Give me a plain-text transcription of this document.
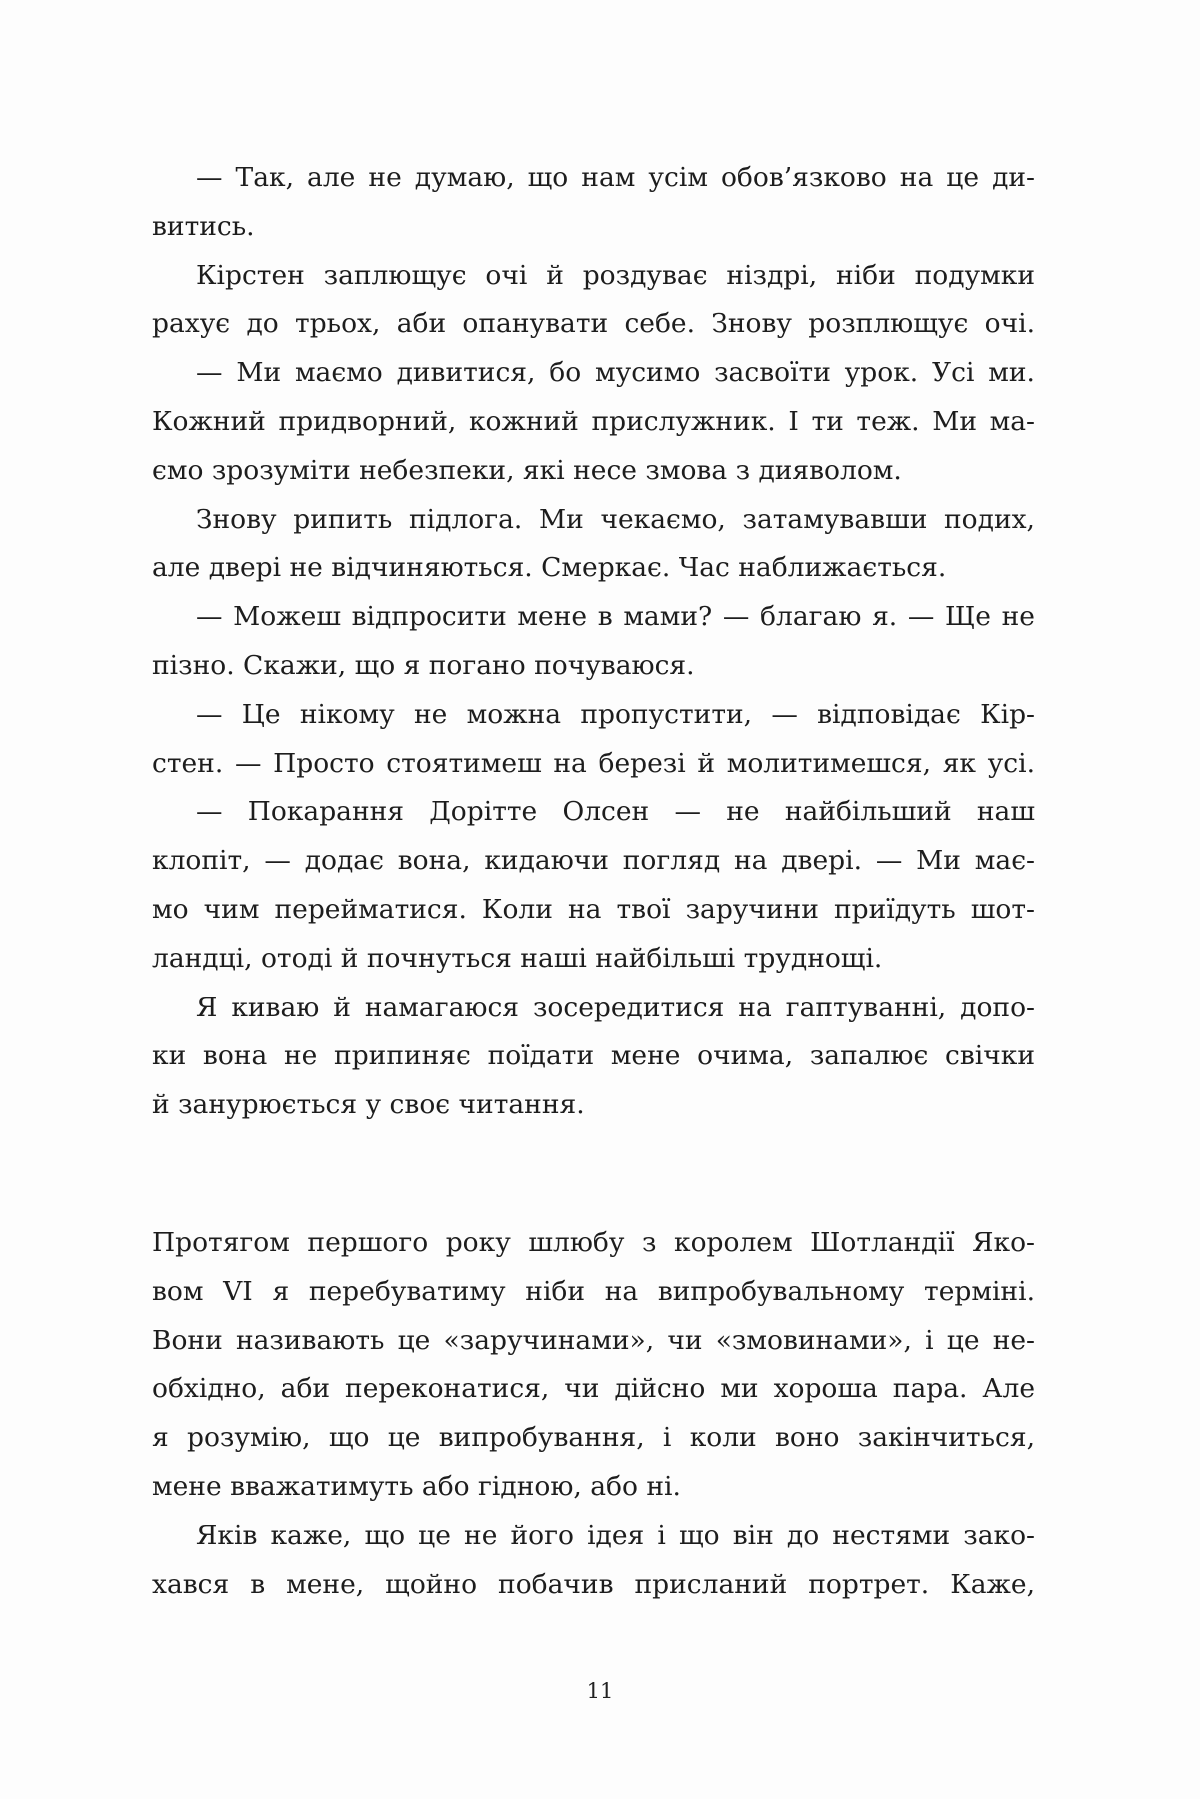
— Так, але не думаю, що нам усім обов’язково на це ди-
витись.
Кірстен заплющує очі й роздуває ніздрі, ніби подумки
рахує до трьох, аби опанувати себе. Знову розплющує очі.
— Ми маємо дивитися, бо мусимо засвоїти урок. Усі ми.
Кожний придворний, кожний прислужник. І ти теж. Ми ма-
ємо зрозуміти небезпеки, які несе змова з дияволом.
Знову рипить підлога. Ми чекаємо, затамувавши подих,
але двері не відчиняються. Смеркає. Час наближається.
— Можеш відпросити мене в мами? — благаю я. — Ще не
пізно. Скажи, що я погано почуваюся.
— Це нікому не можна пропустити, — відповідає Кір-
стен. — Просто стоятимеш на березі й молитимешся, як усі.
— Покарання Дорітте Олсен — не найбільший наш
клопіт, — додає вона, кидаючи погляд на двері. — Ми має-
мо чим перейматися. Коли на твої заручини приїдуть шот-
ландці, отоді й почнуться наші найбільші труднощі.
Я киваю й намагаюся зосередитися на гаптуванні, допо-
ки вона не припиняє поїдати мене очима, запалює свічки
й занурюється у своє читання.
Протягом першого року шлюбу з королем Шотландії Яко-
вом VI я перебуватиму ніби на випробувальному терміні.
Вони називають це «заручинами», чи «змовинами», і це не-
обхідно, аби переконатися, чи дійсно ми хороша пара. Але
я розумію, що це випробування, і коли воно закінчиться,
мене вважатимуть або гідною, або ні.
Яків каже, що це не його ідея і що він до нестями зако-
хався в мене, щойно побачив присланий портрет. Каже,
11
